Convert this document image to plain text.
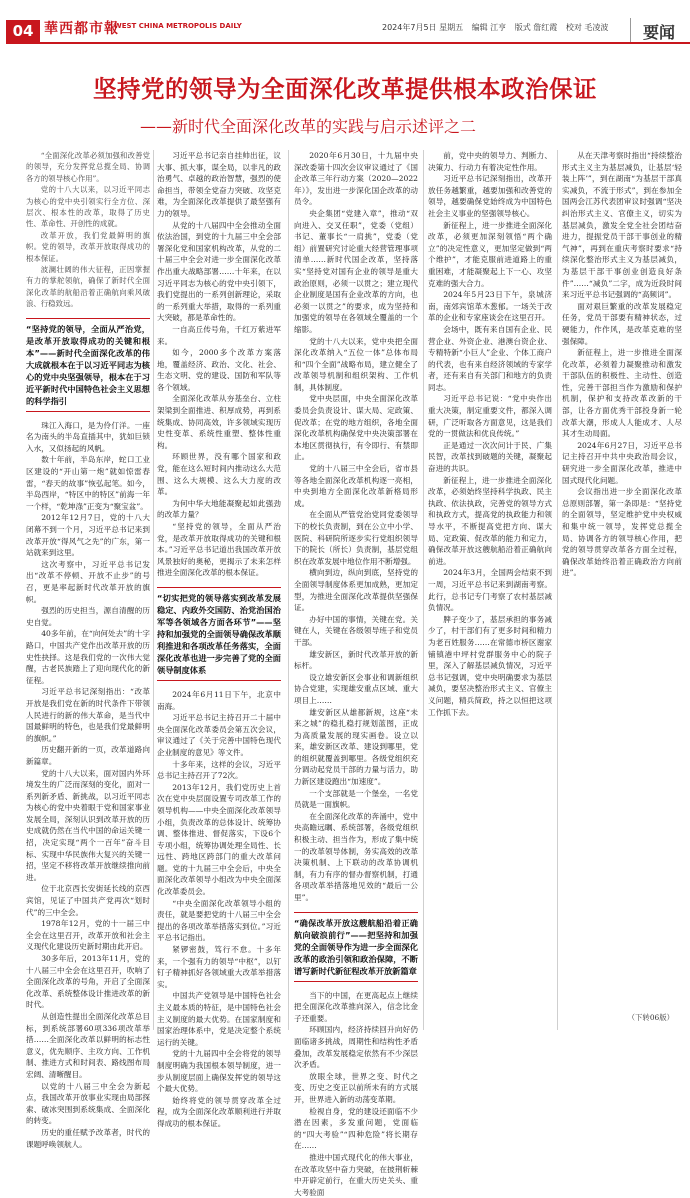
04 華西都市報
WEST CHINA METROPOLIS DAILY	2024年7月5日 星期五 编辑 江亨 版式 詹红霞 校对 毛凌波	要闻
坚持党的领导为全面深化改革提供根本政治保证
——新时代全面深化改革的实践与启示述评之二

“全面深化改革必须加强和改善党的领导，充分发挥党总揽全局、协调各方的领导核心作用”。

党的十八大以来，以习近平同志为核心的党中央引领实行全方位、深层次、根本性的改革，取得了历史性、革命性、开创性的成就。

改革开放，我们党最鲜明的旗帜。党的领导，改革开放取得成功的根本保证。

波澜壮阔的伟大征程，正因掌握有力的掌舵领航，确保了新时代全面深化改革的航船沿着正确航向乘风破浪、行稳致远。

“坚持党的领导，全面从严治党，是改革开放取得成功的关键和根本”——新时代全面深化改革的伟大成就根本在于以习近平同志为核心的党中央坚强领导，根本在于习近平新时代中国特色社会主义思想的科学指引

珠江入海口，是为伶仃洋。一座名为南头的半岛直插其中，犹如巨锁入水，又似扬起的风帆。

数十年前，半岛东岸，蛇口工业区建设的“开山第一炮”就如惊雷春雷，“春天的故事”恢弘起笔。如今，半岛西岸，“特区中的特区”前海一年一个样，“乾坤涤”正变为“聚宝盆”。

2012年12月7日，党的十八大闭幕不到一个月，习近平总书记来到改革开放“得风气之先”的广东，第一站就来到这里。

这次考察中，习近平总书记发出“改革不停顿、开放不止步”的号召，更是率起新时代改革开放的旗帜。

强烈的历史担当，源自清醒的历史自觉。

40多年前，在“向何处去”的十字路口，中国共产党作出改革开放的历史性抉择。这是我们党的一次伟大觉醒，古老民族踏上了迎向现代化的新征程。

习近平总书记深刻指出：“改革开放是我们党在新的时代条件下带领人民进行的新的伟大革命，是当代中国最鲜明的特色，也是我们党最鲜明的旗帜。”

历史翻开新的一页，改革道路向新篇章。

党的十八大以来，面对国内外环境发生的广泛而深刻的变化，面对一系列新矛盾、新挑战，以习近平同志为核心的党中央着眼于党和国家事业发展全局，深刻认识到改革开放的历史成就仍然在当代中国的命运关键一招，决定实现“两个一百年”奋斗目标、实现中华民族伟大复兴的关键一招，坚定不移将改革开放继续推向前进。

位于北京西长安街延长线的京西宾馆，见证了中国共产党再次“划时代”的三中全会。

1978年12月，党的十一届三中全会在这里召开，改革开放和社会主义现代化建设历史新时期由此开启。

30多年后，2013年11月，党的十八届三中全会在这里召开，吹响了全面深化改革的号角，开启了全面深化改革、系统整体设计推进改革的新时代。

从创造性提出全面深化改革总目标，到系统部署60项336项改革举措……全面深化改革以鲜明的标志性意义，优先顺序、主攻方向、工作机制、推进方式和时间表、路线图布局宏阔、清晰醒目。

以党的十八届三中全会为新起点，我国改革开放事业实现由局部探索、破冰突围到系统集成、全面深化的转变。

历史的重任赋予改革者，时代的课题呼唤领航人。

习近平总书记亲自挂帅出征，议大事、抓大事，谋全局，以非凡的政治勇气、卓越的政治智慧，强烈的使命担当，带领全党奋力突破、攻坚克难，为全面深化改革提供了最坚强有力的领导。

从党的十八届四中全会推动全面依法治国，到党的十九届三中全会部署深化党和国家机构改革，从党的二十届三中全会对进一步全面深化改革作出重大战略部署……十年来，在以习近平同志为核心的党中央引领下，我们党提出的一系列创新理论，采取的一系列重大举措，取得的一系列重大突破，都是革命性的。

一自高丘传号角，千红万紫进军来。

如今，2000多个改革方案落地，覆盖经济、政治、文化、社会、生态文明、党的建设、国防和军队等各个领域。

全面深化改革从夯基垒台、立柱架梁到全面推进、积厚成势，再到系统集成、协同高效，许多领域实现历史性变革、系统性重塑、整体性重构。

环顾世界，没有哪个国家和政党，能在这么短时间内推动这么大范围、这么大规模、这么大力度的改革。

为何中华大地能凝聚起如此强劲的改革力量？

“坚持党的领导，全面从严治党，是改革开放取得成功的关键和根本。”习近平总书记道出我国改革开放风景独好的奥秘，更揭示了未来怎样推进全面深化改革的根本保证。

“切实把党的领导落实到改革发展稳定、内政外交国防、治党治国治军等各领域各方面各环节”——坚持和加强党的全面领导确保改革顺利推进和各项改革任务落实，全面深化改革也进一步完善了党的全面领导制度体系

2024年6月11日下午，北京中南海。

习近平总书记主持召开二十届中央全面深化改革委员会第五次会议，审议通过了《关于完善中国特色现代企业制度的意见》等文件。

十多年来，这样的会议，习近平总书记主持召开了72次。

2013年12月，我们党历史上首次在党中央层面设置专司改革工作的领导机构——中央全面深化改革领导小组，负责改革的总体设计、统筹协调、整体推进、督促落实，下设6个专项小组，统筹协调处理全局性、长远性、跨地区跨部门的重大改革问题。党的十九届三中全会后，中央全面深化改革领导小组改为中央全面深化改革委员会。

“中央全面深化改革领导小组的责任，就是要把党的十八届三中全会提出的各项改革举措落实到位。”习近平总书记指出。

紧锣密鼓，笃行不怠。十多年来，一个强有力的领导“中枢”，以钉钉子精神抓好各领域重大改革举措落实。

中国共产党领导是中国特色社会主义最本质的特征，是中国特色社会主义制度的最大优势。在国家制度和国家治理体系中，党是决定整个系统运行的关键。

党的十九届四中全会将党的领导制度明确为我国根本领导制度，进一步从制度层面上确保发挥党的领导这个最大优势。

始终将党的领导贯穿改革全过程，成为全面深化改革顺利进行并取得成功的根本保证。

2020年6月30日，十九届中央深改委第十四次会议审议通过了《国企改革三年行动方案（2020—2022年）》，发出进一步深化国企改革的动员令。

央企集团“党建入章”，推动“双向进入、交叉任职”，党委（党组）书记、董事长“一肩挑”，党委（党组）前置研究讨论重大经营管理事项清单……新时代国企改革，坚持落实“坚持党对国有企业的领导是重大政治原则，必须一以贯之；建立现代企业制度是国有企业改革的方向，也必须一以贯之”的要求，成为坚持和加强党的领导在各领域全覆盖的一个缩影。

党的十八大以来，党中央把全面深化改革纳入“五位一体”总体布局和“四个全面”战略布局，建立健全了改革领导机制和组织架构、工作机制，具体制度。

党中央层面，中央全面深化改革委员会负责设计、谋大局、定政策、促改革；在党的地方组织，各地全面深化改革机构确保党中央决策部署在本地区贯彻执行，有令即行、有禁即止。

党的十八届三中全会后，省市县等各地全面深化改革机构逐一亮相，中央到地方全面深化改革新格局形成。

在全面从严管党治党同党委领导下的校长负责制，到在公立中小学、医院、科研院所逐步实行党组织领导下的院长（所长）负责制，基层党组织在改革发展中地位作用不断增强。

横向到边，纵向到底，坚持党的全面领导制度体系更加成熟，更加定型，为推进全面深化改革提供坚强保证。

办好中国的事情，关键在党。关键在人，关键在各级领导班子和党员干部。

雄安新区，新时代改革开放的新标杆。

设立雄安新区会事业和调新组织协合党建，实现雄安重点区域、重大项目上……

雄安新区从雄都新规，这座“未来之城”的稳扎稳打规划蓝图，正成为高质量发展的现实画卷。设立以来，雄安新区改革、建设到哪里，党的组织就覆盖到哪里。各级党组织充分调动起党员干部的力量与活力，助力新区建设跑出“加速度”。

一个支部就是一个堡垒，一名党员就是一面旗帜。

在全面深化改革的奔涌中，党中央高瞻远瞩、系统部署，各级党组织积极主动、担当作为，形成了集中统一的改革领导体制，务实高效的改革决策机制、上下联动的改革协调机制，有力有序的督办督察机制，打通各项改革举措落地见效的“最后一公里”。

“确保改革开放这艘航船沿着正确航向破浪前行”——把坚持和加强党的全面领导作为进一步全面深化改革的政治引领和政治保障，不断谱写新时代新征程改革开放新篇章

当下的中国，在更高起点上继续把全面深化改革推向深入，信念比金子还重要。

环顾国内，经济持续回升向好仍面临诸多挑战，周期性和结构性矛盾叠加，改革发展稳定依然有不少深层次矛盾。

放眼全球，世界之变、时代之变、历史之变正以前所未有的方式展开，世界进入新的动荡变革期。

检视自身，党的建设还面临不少潜在因素，多发重问题，党面临的“四大考验”“四种危险”将长期存在……

推进中国式现代化的伟大事业，在改革攻坚中奋力突破，在披荆斩棘中开辟定前行，在重大历史关头、重大考验面

前，党中央的领导力、判断力、决策力、行动力有着决定性作用。

习近平总书记深刻指出，改革开放任务越繁重，越要加强和改善党的领导，越要确保党始终成为中国特色社会主义事业的坚强领导核心。

新征程上，进一步推进全面深化改革，必须更加深刻领悟“两个确立”的决定性意义，更加坚定做到“两个维护”，才能克服前进道路上的重重困难，才能凝聚起上下一心、攻坚克难的强大合力。

2024年5月23日下午，泉城济南，南郊宾馆革木葱郁。一场关于改革的企业和专家座谈会在这里召开。

会场中，既有来自国有企业、民营企业、外资企业、港澳台资企业、专精特新“小巨人”企业、个体工商户的代表，也有来自经济领域的专家学者，还有来自有关部门和地方的负责同志。

习近平总书记说：“党中央作出重大决策，制定重要文件，都深入调研，广泛听取各方面意见，这是我们党的一贯做法和优良传统。”

正是通过一次次问计于民、广集民智，改革找到破题的关键，凝聚起奋进的共识。

新征程上，进一步推进全面深化改革，必须始终坚持科学执政、民主执政、依法执政，完善党的领导方式和执政方式，提高党的执政能力和领导水平，不断提高党把方向、谋大局、定政策、促改革的能力和定力，确保改革开放这艘航船沿着正确航向前进。

2024年3月，全国两会结束不到一周，习近平总书记来到湖南考察。此行，总书记专门考察了农村基层减负情况。

脾子变少了，基层承担的事务减少了，村干部们有了更多时间和精力为老百姓服务……在常德市桥区谢家铺镇港中坪村党群服务中心的院子里，深入了解基层减负情况，习近平总书记强调，党中央明确要求为基层减负，要坚决整治形式主义、官僚主义问题，精兵简政，持之以恒把这项工作抓下去。

从在天津考察时指出“持续整治形式主义主为基层减负，让基层‘轻装上阵’”，到在湖南“为基层干部真实减负，不流于形式”，到在参加全国两会江苏代表团审议时强调“坚决纠治形式主义、官僚主义，切实为基层减负，激发全党全社会团结奋进力，提振党员干部干事创业的精气神”，再到在重庆考察时要求“持续深化整治形式主义为基层减负，为基层干部干事创业创造良好条件”……“减负”二字，成为近段时间来习近平总书记强调的“高频词”。

面对艰巨繁重的改革发展稳定任务，党员干部要有精神状态，过硬能力，作作风，是改革克难的坚强保障。

新征程上，进一步推进全面深化改革，必须着力凝聚推动和激发干部队伍的积极性、主动性、创造性，完善干部担当作为激励和保护机制，保护和支持改革改新的干部，让各方面优秀干部投身新一轮改革大潮，形成人人能成才、人尽其才生动局面。

2024年6月27日，习近平总书记主持召开中共中央政治局会议，研究进一步全面深化改革，推进中国式现代化问题。

会议指出进一步全面深化改革总原则部署，第一条即是：“坚持党的全面领导，坚定维护党中央权威和集中统一领导，发挥党总揽全局、协调各方的领导核心作用，把党的领导贯穿改革各方面全过程，确保改革始终沿着正确政治方向前进”。

（下转06版）
